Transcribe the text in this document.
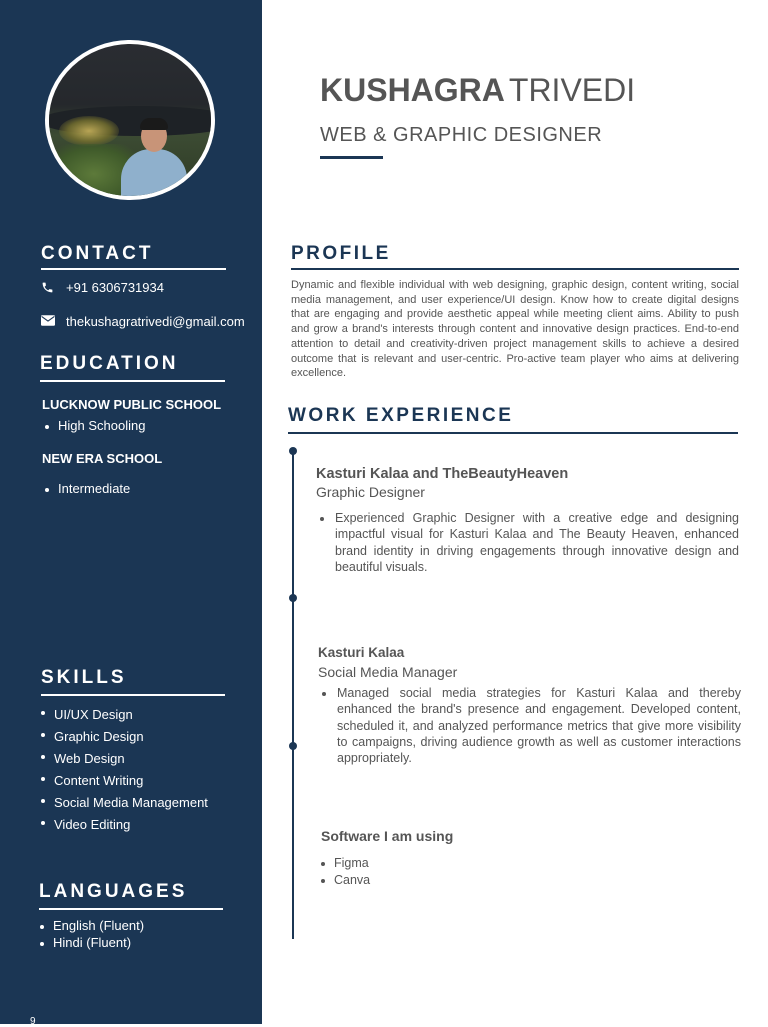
CONTACT
+91 6306731934
thekushagratrivedi@gmail.com
EDUCATION
LUCKNOW PUBLIC SCHOOL
High Schooling
NEW ERA SCHOOL
Intermediate
SKILLS
UI/UX Design
Graphic Design
Web Design
Content Writing
Social Media Management
Video Editing
LANGUAGES
English (Fluent)
Hindi (Fluent)
9
KUSHAGRA TRIVEDI
WEB & GRAPHIC DESIGNER
PROFILE

Dynamic and flexible individual with web designing, graphic design, content writing, social media management, and user experience/UI design. Know how to create digital designs that are engaging and provide aesthetic appeal while meeting client aims. Ability to push and grow a brand's interests through content and innovative design practices. End-to-end attention to detail and creativity-driven project management skills to achieve a desired outcome that is relevant and user-centric. Pro-active team player who aims at delivering excellence.

WORK EXPERIENCE
Kasturi Kalaa and TheBeautyHeaven
Graphic Designer
Experienced Graphic Designer with a creative edge and designing impactful visual for Kasturi Kalaa and The Beauty Heaven, enhanced brand identity in driving engagements through innovative design and beautiful visuals.
Kasturi Kalaa
Social Media Manager
Managed social media strategies for Kasturi Kalaa and thereby enhanced the brand's presence and engagement. Developed content, scheduled it, and analyzed performance metrics that give more visibility to campaigns, driving audience growth as well as customer interactions appropriately.
Software I am using
Figma
Canva
